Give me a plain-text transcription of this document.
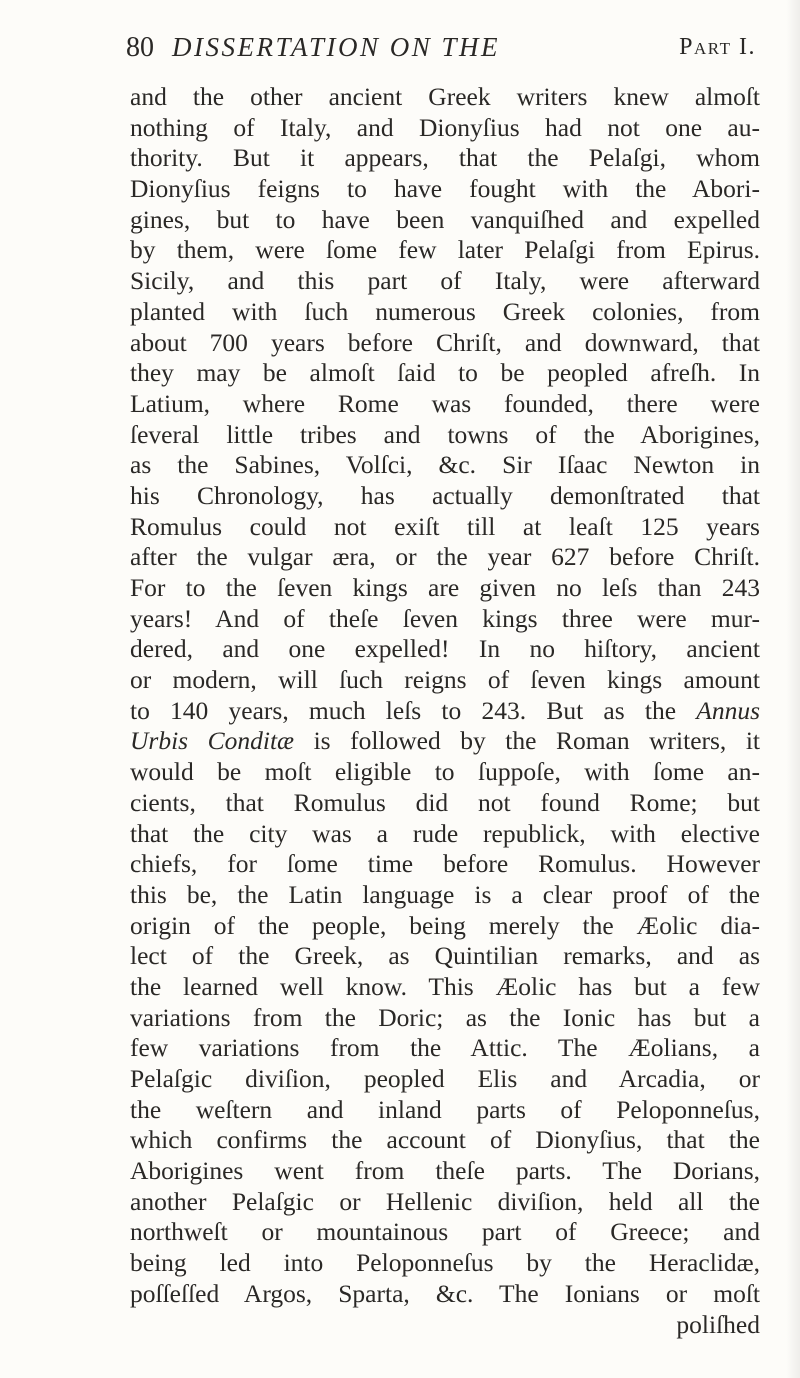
80 DISSERTATION ON THE	Part I.
and the other ancient Greek writers knew almoſt
nothing of Italy, and Dionyſius had not one au-
thority. But it appears, that the Pelaſgi, whom
Dionyſius feigns to have fought with the Abori-
gines, but to have been vanquiſhed and expelled
by them, were ſome few later Pelaſgi from Epirus.
Sicily, and this part of Italy, were afterward
planted with ſuch numerous Greek colonies, from
about 700 years before Chriſt, and downward, that
they may be almoſt ſaid to be peopled afreſh. In
Latium, where Rome was founded, there were
ſeveral little tribes and towns of the Aborigines,
as the Sabines, Volſci, &c. Sir Iſaac Newton in
his Chronology, has actually demonſtrated that
Romulus could not exiſt till at leaſt 125 years
after the vulgar æra, or the year 627 before Chriſt.
For to the ſeven kings are given no leſs than 243
years! And of theſe ſeven kings three were mur-
dered, and one expelled! In no hiſtory, ancient
or modern, will ſuch reigns of ſeven kings amount
to 140 years, much leſs to 243. But as the Annus
Urbis Conditæ is followed by the Roman writers, it
would be moſt eligible to ſuppoſe, with ſome an-
cients, that Romulus did not found Rome; but
that the city was a rude republick, with elective
chiefs, for ſome time before Romulus. However
this be, the Latin language is a clear proof of the
origin of the people, being merely the Æolic dia-
lect of the Greek, as Quintilian remarks, and as
the learned well know. This Æolic has but a few
variations from the Doric; as the Ionic has but a
few variations from the Attic. The Æolians, a
Pelaſgic diviſion, peopled Elis and Arcadia, or
the weſtern and inland parts of Peloponneſus,
which confirms the account of Dionyſius, that the
Aborigines went from theſe parts. The Dorians,
another Pelaſgic or Hellenic diviſion, held all the
northweſt or mountainous part of Greece; and
being led into Peloponneſus by the Heraclidæ,
poſſeſſed Argos, Sparta, &c. The Ionians or moſt
poliſhed
